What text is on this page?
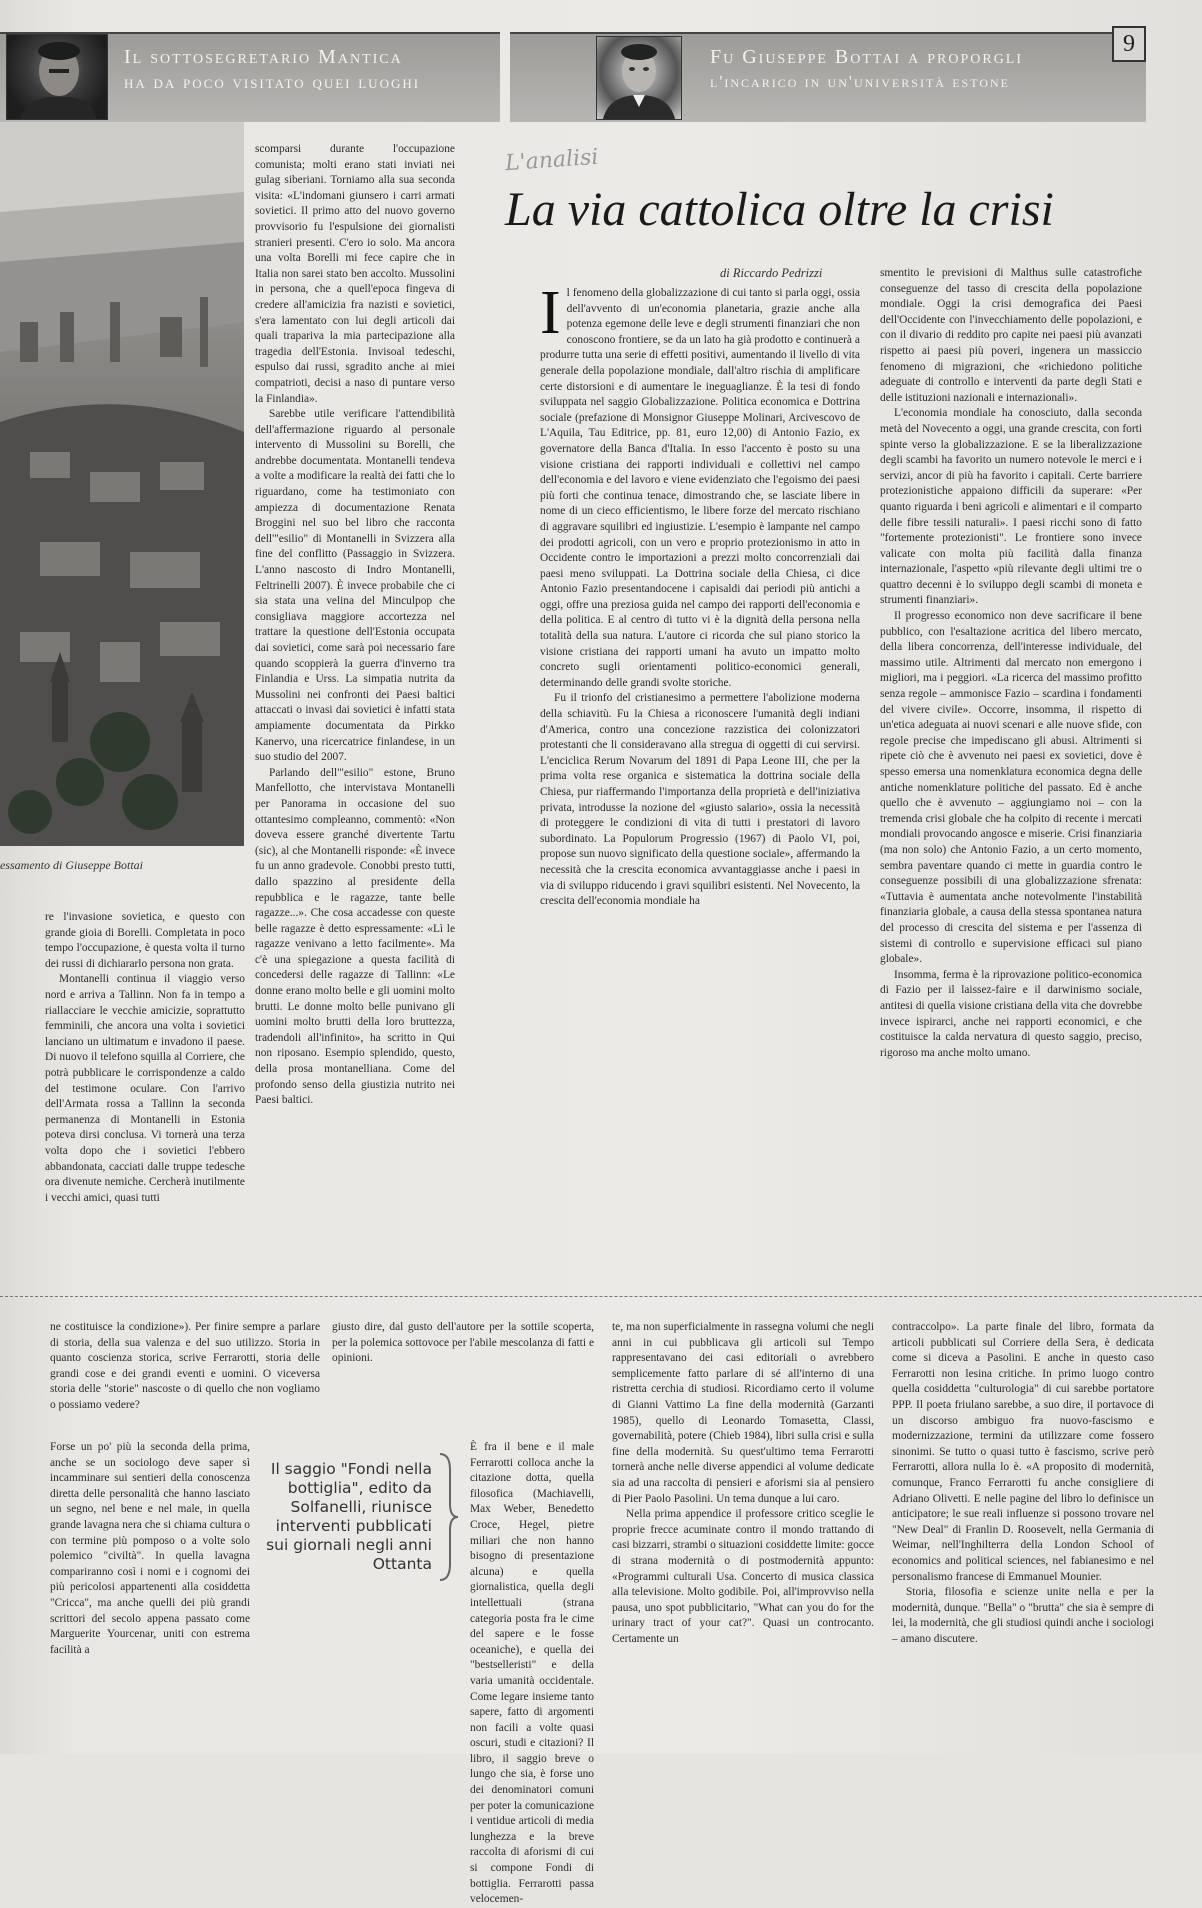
Il sottosegretario Mantica
ha da poco visitato quei luoghi
Fu Giuseppe Bottai a proporgli
l'incarico in un'università estone
9
essamento di Giuseppe Bottai

scomparsi durante l'occupazione comunista; molti erano stati inviati nei gulag siberiani. Torniamo alla sua seconda visita: «L'indomani giunsero i carri armati sovietici. Il primo atto del nuovo governo provvisorio fu l'espulsione dei giornalisti stranieri presenti. C'ero io solo. Ma ancora una volta Borelli mi fece capire che in Italia non sarei stato ben accolto. Mussolini in persona, che a quell'epoca fingeva di credere all'amicizia fra nazisti e sovietici, s'era lamentato con lui degli articoli dai quali trapariva la mia partecipazione alla tragedia dell'Estonia. Invisoal tedeschi, espulso dai russi, sgradito anche ai miei compatrioti, decisi a naso di puntare verso la Finlandia».

Sarebbe utile verificare l'attendibilità dell'affermazione riguardo al personale intervento di Mussolini su Borelli, che andrebbe documentata. Montanelli tendeva a volte a modificare la realtà dei fatti che lo riguardano, come ha testimoniato con ampiezza di documentazione Renata Broggini nel suo bel libro che racconta dell'"esilio" di Montanelli in Svizzera alla fine del conflitto (Passaggio in Svizzera. L'anno nascosto di Indro Montanelli, Feltrinelli 2007). È invece probabile che ci sia stata una velina del Minculpop che consigliava maggiore accortezza nel trattare la questione dell'Estonia occupata dai sovietici, come sarà poi necessario fare quando scoppierà la guerra d'inverno tra Finlandia e Urss. La simpatia nutrita da Mussolini nei confronti dei Paesi baltici attaccati o invasi dai sovietici è infatti stata ampiamente documentata da Pirkko Kanervo, una ricercatrice finlandese, in un suo studio del 2007.

Parlando dell'"esilio" estone, Bruno Manfellotto, che intervistava Montanelli per Panorama in occasione del suo ottantesimo compleanno, commentò: «Non doveva essere granché divertente Tartu (sic), al che Montanelli risponde: «È invece fu un anno gradevole. Conobbi presto tutti, dallo spazzino al presidente della repubblica e le ragazze, tante belle ragazze...». Che cosa accadesse con queste belle ragazze è detto espressamente: «Lì le ragazze venivano a letto facilmente». Ma c'è una spiegazione a questa facilità di concedersi delle ragazze di Tallinn: «Le donne erano molto belle e gli uomini molto brutti. Le donne molto belle punivano gli uomini molto brutti della loro bruttezza, tradendoli all'infinito», ha scritto in Qui non riposano. Esempio splendido, questo, della prosa montanelliana. Come del profondo senso della giustizia nutrito nei Paesi baltici.

re l'invasione sovietica, e questo con grande gioia di Borelli. Completata in poco tempo l'occupazione, è questa volta il turno dei russi di dichiararlo persona non grata.

Montanelli continua il viaggio verso nord e arriva a Tallinn. Non fa in tempo a riallacciare le vecchie amicizie, soprattutto femminili, che ancora una volta i sovietici lanciano un ultimatum e invadono il paese. Di nuovo il telefono squilla al Corriere, che potrà pubblicare le corrispondenze a caldo del testimone oculare. Con l'arrivo dell'Armata rossa a Tallinn la seconda permanenza di Montanelli in Estonia poteva dirsi conclusa. Vi tornerà una terza volta dopo che i sovietici l'ebbero abbandonata, cacciati dalle truppe tedesche ora divenute nemiche. Cercherà inutilmente i vecchi amici, quasi tutti

L'analisi
La via cattolica oltre la crisi
di Riccardo Pedrizzi

Il fenomeno della globalizzazione di cui tanto si parla oggi, ossia dell'avvento di un'economia planetaria, grazie anche alla potenza egemone delle leve e degli strumenti finanziari che non conoscono frontiere, se da un lato ha già prodotto e continuerà a produrre tutta una serie di effetti positivi, aumentando il livello di vita generale della popolazione mondiale, dall'altro rischia di amplificare certe distorsioni e di aumentare le ineguaglianze. È la tesi di fondo sviluppata nel saggio Globalizzazione. Politica economica e Dottrina sociale (prefazione di Monsignor Giuseppe Molinari, Arcivescovo de L'Aquila, Tau Editrice, pp. 81, euro 12,00) di Antonio Fazio, ex governatore della Banca d'Italia. In esso l'accento è posto su una visione cristiana dei rapporti individuali e collettivi nel campo dell'economia e del lavoro e viene evidenziato che l'egoismo dei paesi più forti che continua tenace, dimostrando che, se lasciate libere in nome di un cieco efficientismo, le libere forze del mercato rischiano di aggravare squilibri ed ingiustizie. L'esempio è lampante nel campo dei prodotti agricoli, con un vero e proprio protezionismo in atto in Occidente contro le importazioni a prezzi molto concorrenziali dai paesi meno sviluppati. La Dottrina sociale della Chiesa, ci dice Antonio Fazio presentandocene i capisaldi dai periodi più antichi a oggi, offre una preziosa guida nel campo dei rapporti dell'economia e della politica. E al centro di tutto vi è la dignità della persona nella totalità della sua natura. L'autore ci ricorda che sul piano storico la visione cristiana dei rapporti umani ha avuto un impatto molto concreto sugli orientamenti politico-economici generali, determinando delle grandi svolte storiche.

Fu il trionfo del cristianesimo a permettere l'abolizione moderna della schiavitù. Fu la Chiesa a riconoscere l'umanità degli indiani d'America, contro una concezione razzistica dei colonizzatori protestanti che li consideravano alla stregua di oggetti di cui servirsi. L'enciclica Rerum Novarum del 1891 di Papa Leone III, che per la prima volta rese organica e sistematica la dottrina sociale della Chiesa, pur riaffermando l'importanza della proprietà e dell'iniziativa privata, introdusse la nozione del «giusto salario», ossia la necessità di proteggere le condizioni di vita di tutti i prestatori di lavoro subordinato. La Populorum Progressio (1967) di Paolo VI, poi, propose sun nuovo significato della questione sociale», affermando la necessità che la crescita economica avvantaggiasse anche i paesi in via di sviluppo riducendo i gravi squilibri esistenti. Nel Novecento, la crescita dell'economia mondiale ha

smentito le previsioni di Malthus sulle catastrofiche conseguenze del tasso di crescita della popolazione mondiale. Oggi la crisi demografica dei Paesi dell'Occidente con l'invecchiamento delle popolazioni, e con il divario di reddito pro capite nei paesi più avanzati rispetto ai paesi più poveri, ingenera un massiccio fenomeno di migrazioni, che «richiedono politiche adeguate di controllo e interventi da parte degli Stati e delle istituzioni nazionali e internazionali».

L'economia mondiale ha conosciuto, dalla seconda metà del Novecento a oggi, una grande crescita, con forti spinte verso la globalizzazione. E se la liberalizzazione degli scambi ha favorito un numero notevole le merci e i servizi, ancor di più ha favorito i capitali. Certe barriere protezionistiche appaiono difficili da superare: «Per quanto riguarda i beni agricoli e alimentari e il comparto delle fibre tessili naturali». I paesi ricchi sono di fatto "fortemente protezionisti". Le frontiere sono invece valicate con molta più facilità dalla finanza internazionale, l'aspetto «più rilevante degli ultimi tre o quattro decenni è lo sviluppo degli scambi di moneta e strumenti finanziari».

Il progresso economico non deve sacrificare il bene pubblico, con l'esaltazione acritica del libero mercato, della libera concorrenza, dell'interesse individuale, del massimo utile. Altrimenti dal mercato non emergono i migliori, ma i peggiori. «La ricerca del massimo profitto senza regole – ammonisce Fazio – scardina i fondamenti del vivere civile». Occorre, insomma, il rispetto di un'etica adeguata ai nuovi scenari e alle nuove sfide, con regole precise che impediscano gli abusi. Altrimenti si ripete ciò che è avvenuto nei paesi ex sovietici, dove è spesso emersa una nomenklatura economica degna delle antiche nomenklature politiche del passato. Ed è anche quello che è avvenuto – aggiungiamo noi – con la tremenda crisi globale che ha colpito di recente i mercati mondiali provocando angosce e miserie. Crisi finanziaria (ma non solo) che Antonio Fazio, a un certo momento, sembra paventare quando ci mette in guardia contro le conseguenze possibili di una globalizzazione sfrenata: «Tuttavia è aumentata anche notevolmente l'instabilità finanziaria globale, a causa della stessa spontanea natura del processo di crescita del sistema e per l'assenza di sistemi di controllo e supervisione efficaci sul piano globale».

Insomma, ferma è la riprovazione politico-economica di Fazio per il laissez-faire e il darwinismo sociale, antitesi di quella visione cristiana della vita che dovrebbe invece ispirarci, anche nei rapporti economici, e che costituisce la calda nervatura di questo saggio, preciso, rigoroso ma anche molto umano.

ne costituisce la condizione»). Per finire sempre a parlare di storia, della sua valenza e del suo utilizzo. Storia in quanto coscienza storica, scrive Ferrarotti, storia delle grandi cose e dei grandi eventi e uomini. O viceversa storia delle "storie" nascoste o di quello che non vogliamo o possiamo vedere?

Forse un po' più la seconda della prima, anche se un sociologo deve saper sì incamminare sui sentieri della conoscenza diretta delle personalità che hanno lasciato un segno, nel bene e nel male, in quella grande lavagna nera che si chiama cultura o con termine più pomposo o a volte solo polemico "civiltà". In quella lavagna compariranno così i nomi e i cognomi dei più pericolosi appartenenti alla cosiddetta "Cricca", ma anche quelli dei più grandi scrittori del secolo appena passato come Marguerite Yourcenar, uniti con estrema facilità a

giusto dire, dal gusto dell'autore per la sottile scoperta, per la polemica sottovoce per l'abile mescolanza di fatti e opinioni.

È fra il bene e il male Ferrarotti colloca anche la citazione dotta, quella filosofica (Machiavelli, Max Weber, Benedetto Croce, Hegel, pietre miliari che non hanno bisogno di presentazione alcuna) e quella giornalistica, quella degli intellettuali (strana categoria posta fra le cime del sapere e le fosse oceaniche), e quella dei "bestselleristi" e della varia umanità occidentale. Come legare insieme tanto sapere, fatto di argomenti non facili a volte quasi oscuri, studi e citazioni? Il libro, il saggio breve o lungo che sia, è forse uno dei denominatori comuni per poter la comunicazione i ventidue articoli di media lunghezza e la breve raccolta di aforismi di cui si compone Fondi di bottiglia. Ferrarotti passa velocemen-

Il saggio "Fondi nella bottiglia", edito da Solfanelli, riunisce interventi pubblicati sui giornali negli anni Ottanta

te, ma non superficialmente in rassegna volumi che negli anni in cui pubblicava gli articoli sul Tempo rappresentavano dei casi editoriali o avrebbero semplicemente fatto parlare di sé all'interno di una ristretta cerchia di studiosi. Ricordiamo certo il volume di Gianni Vattimo La fine della modernità (Garzanti 1985), quello di Leonardo Tomasetta, Classi, governabilità, potere (Chieb 1984), libri sulla crisi e sulla fine della modernità. Su quest'ultimo tema Ferrarotti tornerà anche nelle diverse appendici al volume dedicate sia ad una raccolta di pensieri e aforismi sia al pensiero di Pier Paolo Pasolini. Un tema dunque a lui caro.

Nella prima appendice il professore critico sceglie le proprie frecce acuminate contro il mondo trattando di casi bizzarri, strambi o situazioni cosiddette limite: gocce di strana modernità o di postmodernità appunto: «Programmi culturali Usa. Concerto di musica classica alla televisione. Molto godibile. Poi, all'improvviso nella pausa, uno spot pubblicitario, "What can you do for the urinary tract of your cat?". Quasi un controcanto. Certamente un

contraccolpo». La parte finale del libro, formata da articoli pubblicati sul Corriere della Sera, è dedicata come si diceva a Pasolini. E anche in questo caso Ferrarotti non lesina critiche. In primo luogo contro quella cosiddetta "culturologia" di cui sarebbe portatore PPP. Il poeta friulano sarebbe, a suo dire, il portavoce di un discorso ambiguo fra nuovo-fascismo e modernizzazione, termini da utilizzare come fossero sinonimi. Se tutto o quasi tutto è fascismo, scrive però Ferrarotti, allora nulla lo è. «A proposito di modernità, comunque, Franco Ferrarotti fu anche consigliere di Adriano Olivetti. E nelle pagine del libro lo definisce un anticipatore; le sue reali influenze si possono trovare nel "New Deal" di Franlin D. Roosevelt, nella Germania di Weimar, nell'Inghilterra della London School of economics and political sciences, nel fabianesimo e nel personalismo francese di Emmanuel Mounier.

Storia, filosofia e scienze unite nella e per la modernità, dunque. "Bella" o "brutta" che sia è sempre di lei, la modernità, che gli studiosi quindi anche i sociologi – amano discutere.
